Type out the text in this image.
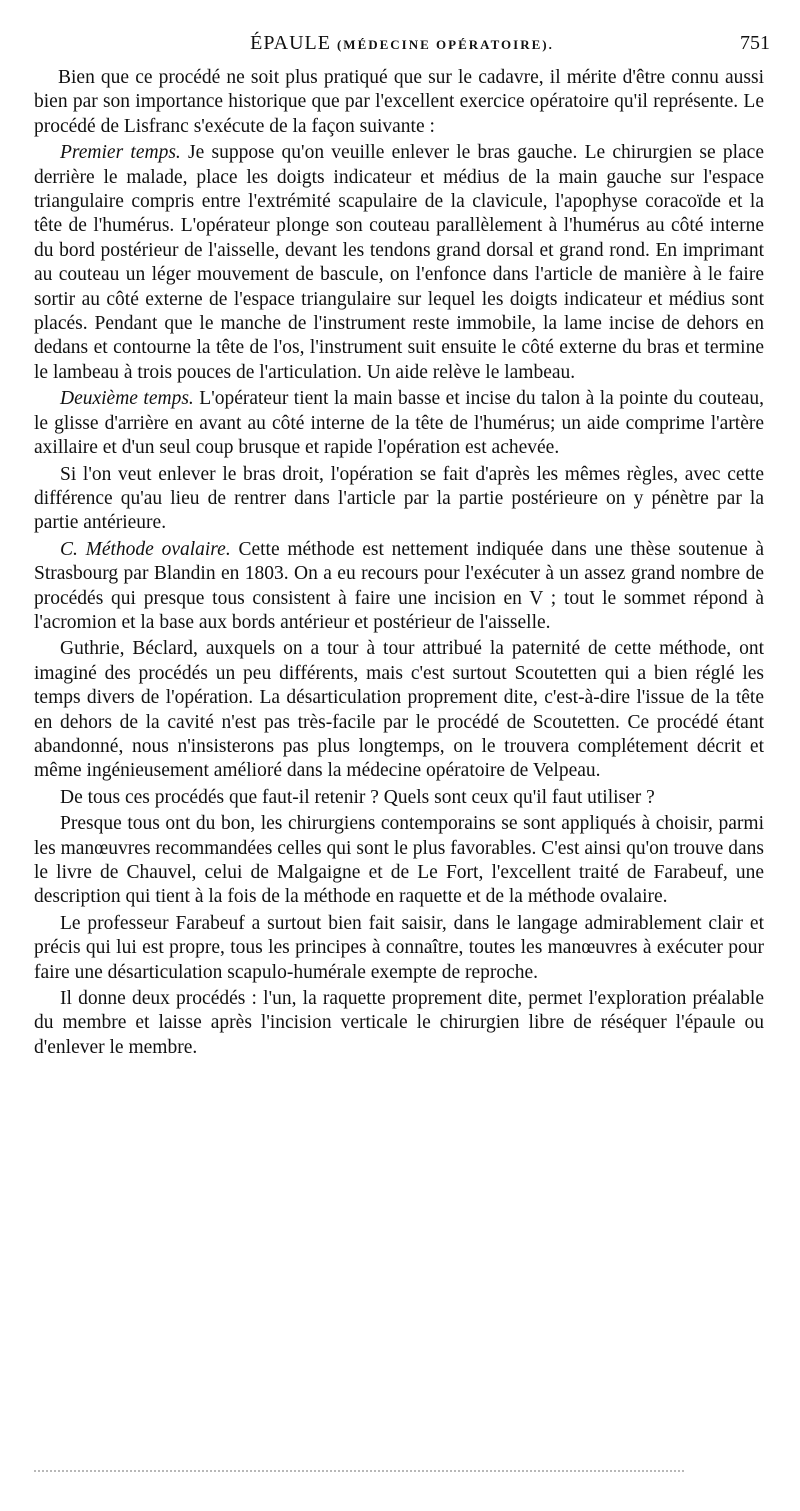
ÉPAULE (MÉDECINE OPÉRATOIRE).	751

Bien que ce procédé ne soit plus pratiqué que sur le cadavre, il mérite d'être connu aussi bien par son importance historique que par l'excellent exercice opératoire qu'il représente. Le procédé de Lisfranc s'exécute de la façon suivante :

Premier temps. Je suppose qu'on veuille enlever le bras gauche. Le chirurgien se place derrière le malade, place les doigts indicateur et médius de la main gauche sur l'espace triangulaire compris entre l'extrémité scapulaire de la clavicule, l'apophyse coracoïde et la tête de l'humérus. L'opérateur plonge son couteau parallèlement à l'humérus au côté interne du bord postérieur de l'aisselle, devant les tendons grand dorsal et grand rond. En imprimant au couteau un léger mouvement de bascule, on l'enfonce dans l'article de manière à le faire sortir au côté externe de l'espace triangulaire sur lequel les doigts indicateur et médius sont placés. Pendant que le manche de l'instrument reste immobile, la lame incise de dehors en dedans et contourne la tête de l'os, l'instrument suit ensuite le côté externe du bras et termine le lambeau à trois pouces de l'articulation. Un aide relève le lambeau.

Deuxième temps. L'opérateur tient la main basse et incise du talon à la pointe du couteau, le glisse d'arrière en avant au côté interne de la tête de l'humérus; un aide comprime l'artère axillaire et d'un seul coup brusque et rapide l'opération est achevée.

Si l'on veut enlever le bras droit, l'opération se fait d'après les mêmes règles, avec cette différence qu'au lieu de rentrer dans l'article par la partie postérieure on y pénètre par la partie antérieure.

C. Méthode ovalaire. Cette méthode est nettement indiquée dans une thèse soutenue à Strasbourg par Blandin en 1803. On a eu recours pour l'exécuter à un assez grand nombre de procédés qui presque tous consistent à faire une incision en V ; tout le sommet répond à l'acromion et la base aux bords antérieur et postérieur de l'aisselle.

Guthrie, Béclard, auxquels on a tour à tour attribué la paternité de cette méthode, ont imaginé des procédés un peu différents, mais c'est surtout Scoutetten qui a bien réglé les temps divers de l'opération. La désarticulation proprement dite, c'est-à-dire l'issue de la tête en dehors de la cavité n'est pas très-facile par le procédé de Scoutetten. Ce procédé étant abandonné, nous n'insisterons pas plus longtemps, on le trouvera complétement décrit et même ingénieusement amélioré dans la médecine opératoire de Velpeau.

De tous ces procédés que faut-il retenir ? Quels sont ceux qu'il faut utiliser ?

Presque tous ont du bon, les chirurgiens contemporains se sont appliqués à choisir, parmi les manœuvres recommandées celles qui sont le plus favorables. C'est ainsi qu'on trouve dans le livre de Chauvel, celui de Malgaigne et de Le Fort, l'excellent traité de Farabeuf, une description qui tient à la fois de la méthode en raquette et de la méthode ovalaire.

Le professeur Farabeuf a surtout bien fait saisir, dans le langage admirablement clair et précis qui lui est propre, tous les principes à connaître, toutes les manœuvres à exécuter pour faire une désarticulation scapulo-humérale exempte de reproche.

Il donne deux procédés : l'un, la raquette proprement dite, permet l'exploration préalable du membre et laisse après l'incision verticale le chirurgien libre de réséquer l'épaule ou d'enlever le membre.
